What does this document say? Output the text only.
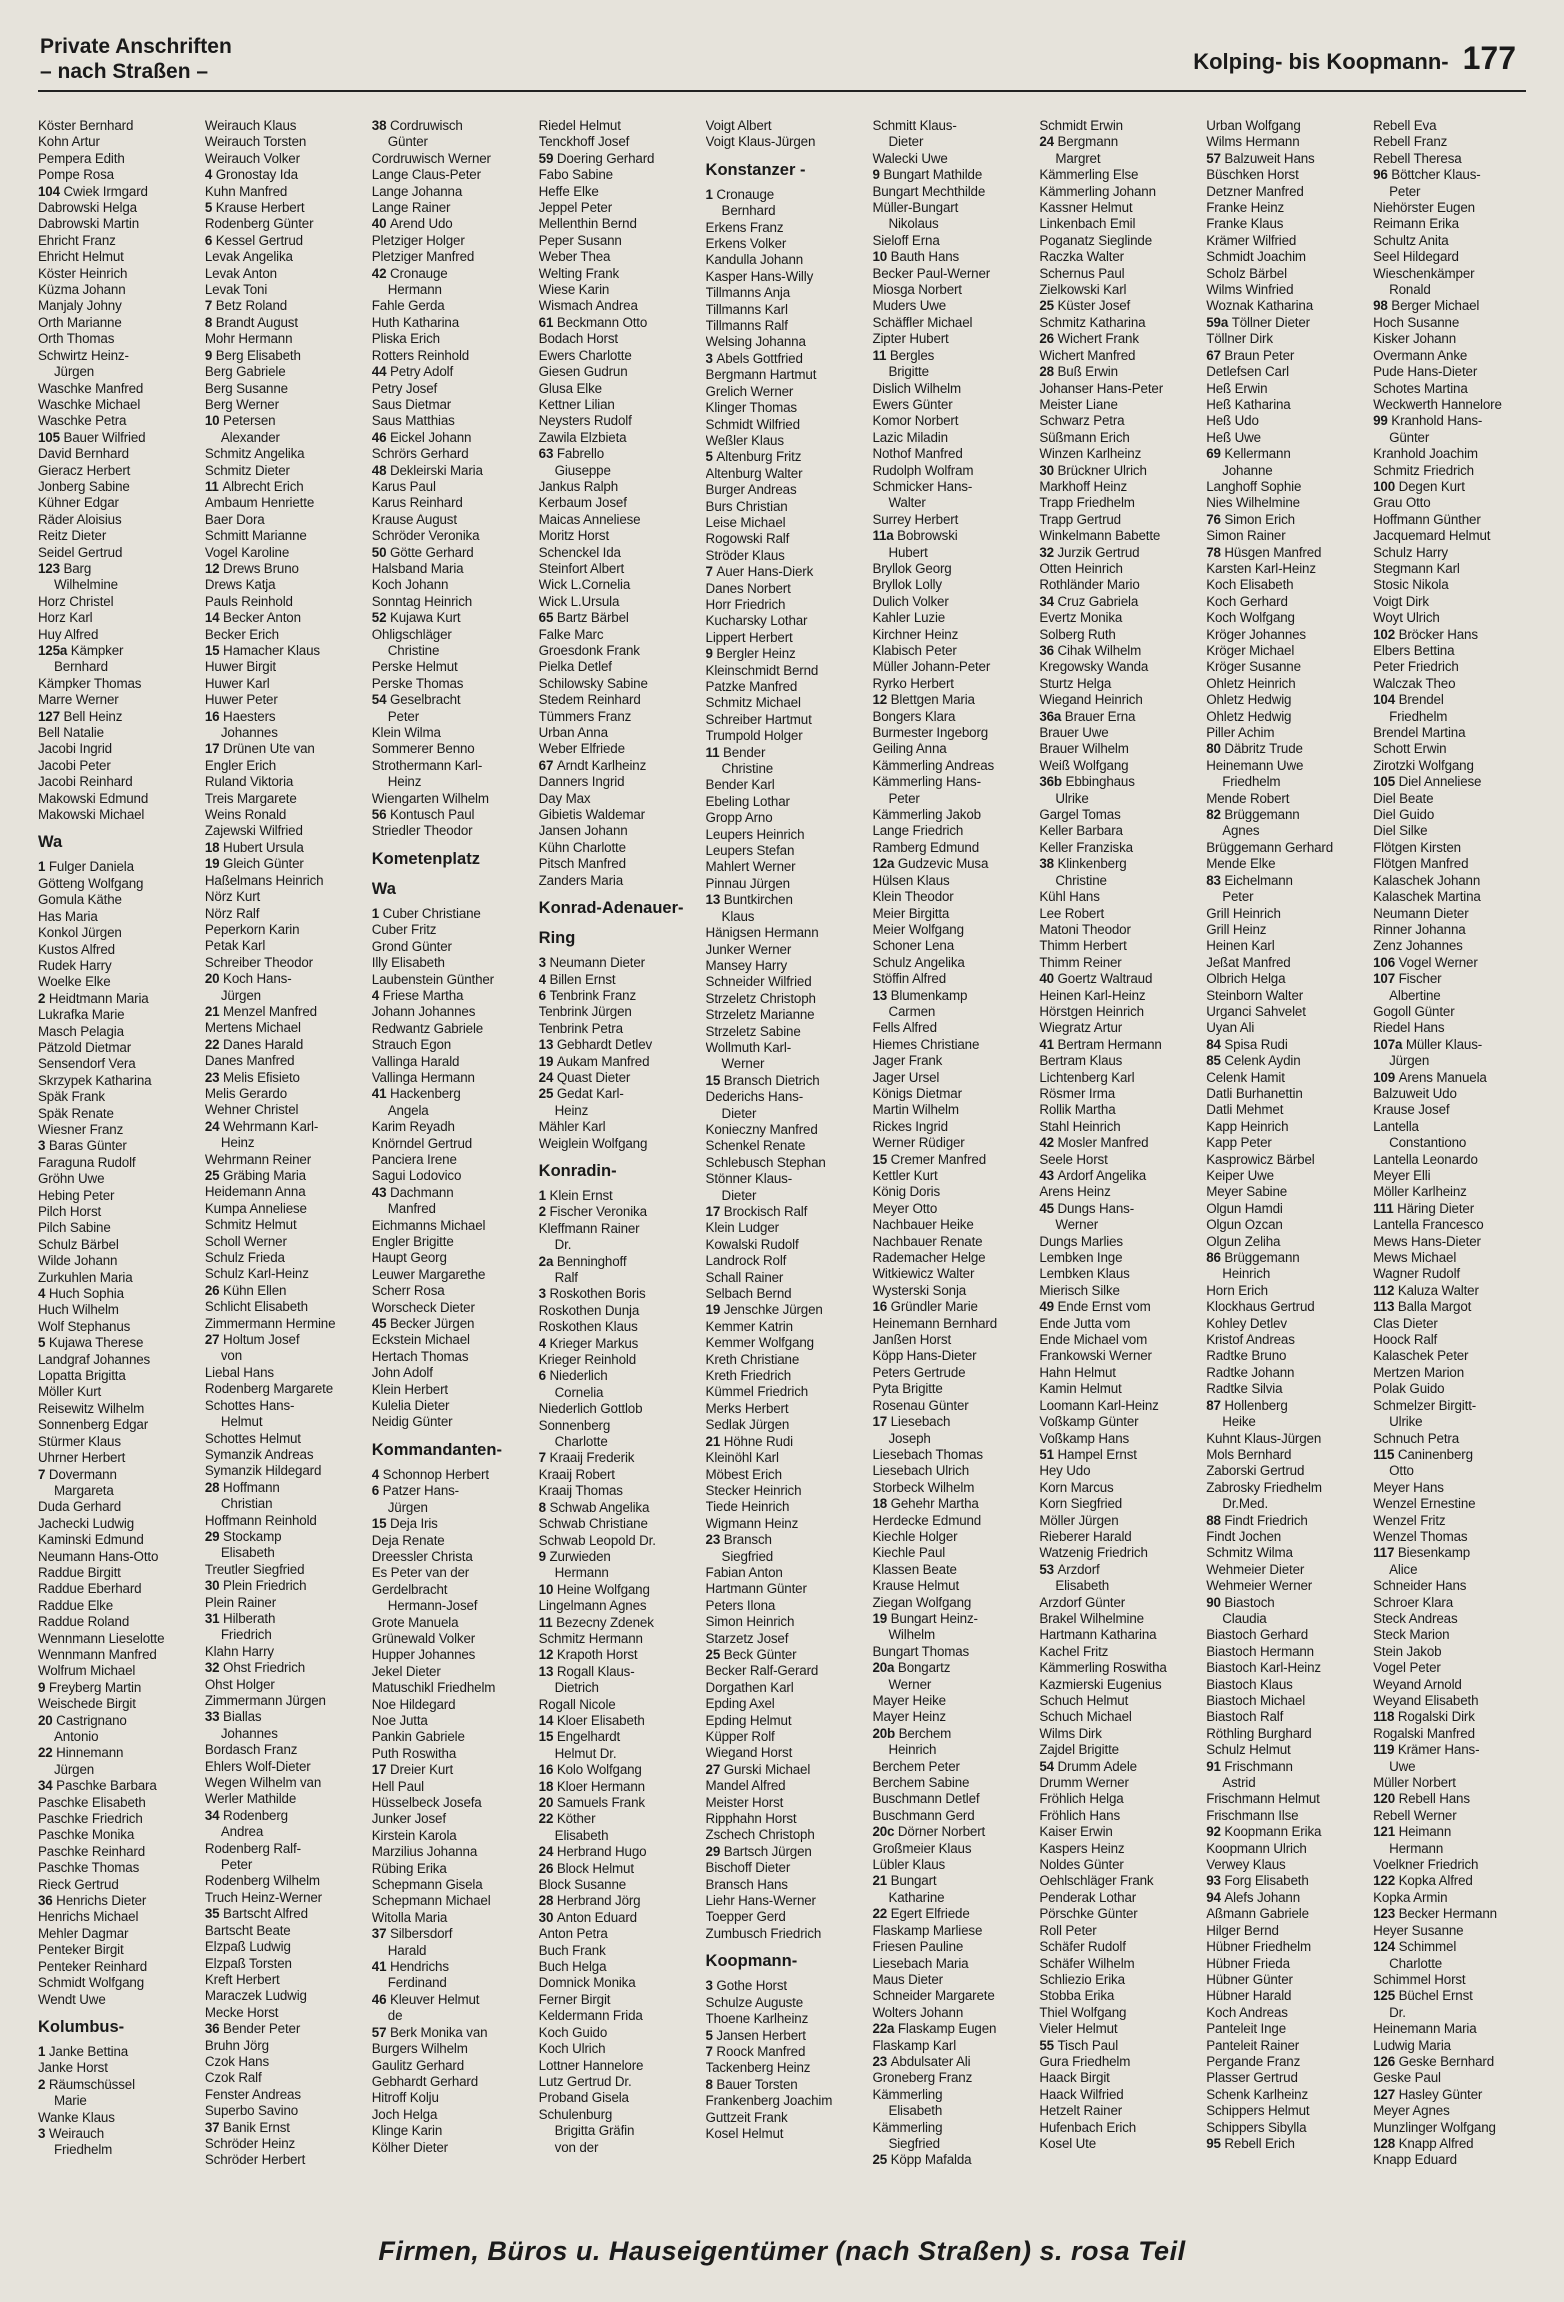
Private Anschriften
– nach Straßen –	Kolping- bis Koopmann- 177
Köster Bernhard
Kohn Artur
Pempera Edith
Pompe Rosa
104 Cwiek Irmgard
Dabrowski Helga
Dabrowski Martin
Ehricht Franz
Ehricht Helmut
Köster Heinrich
Küzma Johann
Manjaly Johny
Orth Marianne
Orth Thomas
Schwirtz Heinz-
Jürgen
Waschke Manfred
Waschke Michael
Waschke Petra
105 Bauer Wilfried
David Bernhard
Gieracz Herbert
Jonberg Sabine
Kühner Edgar
Räder Aloisius
Reitz Dieter
Seidel Gertrud
123 Barg
Wilhelmine
Horz Christel
Horz Karl
Huy Alfred
125a Kämpker
Bernhard
Kämpker Thomas
Marre Werner
127 Bell Heinz
Bell Natalie
Jacobi Ingrid
Jacobi Peter
Jacobi Reinhard
Makowski Edmund
Makowski Michael
Wa
1 Fulger Daniela
Götteng Wolfgang
Gomula Käthe
Has Maria
Konkol Jürgen
Kustos Alfred
Rudek Harry
Woelke Elke
2 Heidtmann Maria
Lukrafka Marie
Masch Pelagia
Pätzold Dietmar
Sensendorf Vera
Skrzypek Katharina
Späk Frank
Späk Renate
Wiesner Franz
3 Baras Günter
Faraguna Rudolf
Gröhn Uwe
Hebing Peter
Pilch Horst
Pilch Sabine
Schulz Bärbel
Wilde Johann
Zurkuhlen Maria
4 Huch Sophia
Huch Wilhelm
Wolf Stephanus
5 Kujawa Therese
Landgraf Johannes
Lopatta Brigitta
Möller Kurt
Reisewitz Wilhelm
Sonnenberg Edgar
Stürmer Klaus
Uhrner Herbert
7 Dovermann
Margareta
Duda Gerhard
Jachecki Ludwig
Kaminski Edmund
Neumann Hans-Otto
Raddue Birgitt
Raddue Eberhard
Raddue Elke
Raddue Roland
Wennmann Lieselotte
Wennmann Manfred
Wolfrum Michael
9 Freyberg Martin
Weischede Birgit
20 Castrignano
Antonio
22 Hinnemann
Jürgen
34 Paschke Barbara
Paschke Elisabeth
Paschke Friedrich
Paschke Monika
Paschke Reinhard
Paschke Thomas
Rieck Gertrud
36 Henrichs Dieter
Henrichs Michael
Mehler Dagmar
Penteker Birgit
Penteker Reinhard
Schmidt Wolfgang
Wendt Uwe
Kolumbus-
1 Janke Bettina
Janke Horst
2 Räumschüssel
Marie
Wanke Klaus
3 Weirauch
Friedhelm
Weirauch Klaus
Weirauch Torsten
Weirauch Volker
4 Gronostay Ida
Kuhn Manfred
5 Krause Herbert
Rodenberg Günter
6 Kessel Gertrud
Levak Angelika
Levak Anton
Levak Toni
7 Betz Roland
8 Brandt August
Mohr Hermann
9 Berg Elisabeth
Berg Gabriele
Berg Susanne
Berg Werner
10 Petersen
Alexander
Schmitz Angelika
Schmitz Dieter
11 Albrecht Erich
Ambaum Henriette
Baer Dora
Schmitt Marianne
Vogel Karoline
12 Drews Bruno
Drews Katja
Pauls Reinhold
14 Becker Anton
Becker Erich
15 Hamacher Klaus
Huwer Birgit
Huwer Karl
Huwer Peter
16 Haesters
Johannes
17 Drünen Ute van
Engler Erich
Ruland Viktoria
Treis Margarete
Weins Ronald
Zajewski Wilfried
18 Hubert Ursula
19 Gleich Günter
Haßelmans Heinrich
Nörz Kurt
Nörz Ralf
Peperkorn Karin
Petak Karl
Schreiber Theodor
20 Koch Hans-
Jürgen
21 Menzel Manfred
Mertens Michael
22 Danes Harald
Danes Manfred
23 Melis Efisieto
Melis Gerardo
Wehner Christel
24 Wehrmann Karl-
Heinz
Wehrmann Reiner
25 Gräbing Maria
Heidemann Anna
Kumpa Anneliese
Schmitz Helmut
Scholl Werner
Schulz Frieda
Schulz Karl-Heinz
26 Kühn Ellen
Schlicht Elisabeth
Zimmermann Hermine
27 Holtum Josef
von
Liebal Hans
Rodenberg Margarete
Schottes Hans-
Helmut
Schottes Helmut
Symanzik Andreas
Symanzik Hildegard
28 Hoffmann
Christian
Hoffmann Reinhold
29 Stockamp
Elisabeth
Treutler Siegfried
30 Plein Friedrich
Plein Rainer
31 Hilberath
Friedrich
Klahn Harry
32 Ohst Friedrich
Ohst Holger
Zimmermann Jürgen
33 Biallas
Johannes
Bordasch Franz
Ehlers Wolf-Dieter
Wegen Wilhelm van
Werler Mathilde
34 Rodenberg
Andrea
Rodenberg Ralf-
Peter
Rodenberg Wilhelm
Truch Heinz-Werner
35 Bartscht Alfred
Bartscht Beate
Elzpaß Ludwig
Elzpaß Torsten
Kreft Herbert
Maraczek Ludwig
Mecke Horst
36 Bender Peter
Bruhn Jörg
Czok Hans
Czok Ralf
Fenster Andreas
Superbo Savino
37 Banik Ernst
Schröder Heinz
Schröder Herbert
38 Cordruwisch
Günter
Cordruwisch Werner
Lange Claus-Peter
Lange Johanna
Lange Rainer
40 Arend Udo
Pletziger Holger
Pletziger Manfred
42 Cronauge
Hermann
Fahle Gerda
Huth Katharina
Pliska Erich
Rotters Reinhold
44 Petry Adolf
Petry Josef
Saus Dietmar
Saus Matthias
46 Eickel Johann
Schrörs Gerhard
48 Dekleirski Maria
Karus Paul
Karus Reinhard
Krause August
Schröder Veronika
50 Götte Gerhard
Halsband Maria
Koch Johann
Sonntag Heinrich
52 Kujawa Kurt
Ohligschläger
Christine
Perske Helmut
Perske Thomas
54 Geselbracht
Peter
Klein Wilma
Sommerer Benno
Strothermann Karl-
Heinz
Wiengarten Wilhelm
56 Kontusch Paul
Striedler Theodor
Kometenplatz
Wa
1 Cuber Christiane
Cuber Fritz
Grond Günter
Illy Elisabeth
Laubenstein Günther
4 Friese Martha
Johann Johannes
Redwantz Gabriele
Strauch Egon
Vallinga Harald
Vallinga Hermann
41 Hackenberg
Angela
Karim Reyadh
Knörndel Gertrud
Panciera Irene
Sagui Lodovico
43 Dachmann
Manfred
Eichmanns Michael
Engler Brigitte
Haupt Georg
Leuwer Margarethe
Scherr Rosa
Worscheck Dieter
45 Becker Jürgen
Eckstein Michael
Hertach Thomas
John Adolf
Klein Herbert
Kulelia Dieter
Neidig Günter
Kommandanten-
4 Schonnop Herbert
6 Patzer Hans-
Jürgen
15 Deja Iris
Deja Renate
Dreessler Christa
Es Peter van der
Gerdelbracht
Hermann-Josef
Grote Manuela
Grünewald Volker
Hupper Johannes
Jekel Dieter
Matuschikl Friedhelm
Noe Hildegard
Noe Jutta
Pankin Gabriele
Puth Roswitha
17 Dreier Kurt
Hell Paul
Hüsselbeck Josefa
Junker Josef
Kirstein Karola
Marzilius Johanna
Rübing Erika
Schepmann Gisela
Schepmann Michael
Witolla Maria
37 Silbersdorf
Harald
41 Hendrichs
Ferdinand
46 Kleuver Helmut
de
57 Berk Monika van
Burgers Wilhelm
Gaulitz Gerhard
Gebhardt Gerhard
Hitroff Kolju
Joch Helga
Klinge Karin
Kölher Dieter
Riedel Helmut
Tenckhoff Josef
59 Doering Gerhard
Fabo Sabine
Heffe Elke
Jeppel Peter
Mellenthin Bernd
Peper Susann
Weber Thea
Welting Frank
Wiese Karin
Wismach Andrea
61 Beckmann Otto
Bodach Horst
Ewers Charlotte
Giesen Gudrun
Glusa Elke
Kettner Lilian
Neysters Rudolf
Zawila Elzbieta
63 Fabrello
Giuseppe
Jankus Ralph
Kerbaum Josef
Maicas Anneliese
Moritz Horst
Schenckel Ida
Steinfort Albert
Wick L.Cornelia
Wick L.Ursula
65 Bartz Bärbel
Falke Marc
Groesdonk Frank
Pielka Detlef
Schilowsky Sabine
Stedem Reinhard
Tümmers Franz
Urban Anna
Weber Elfriede
67 Arndt Karlheinz
Danners Ingrid
Day Max
Gibietis Waldemar
Jansen Johann
Kühn Charlotte
Pitsch Manfred
Zanders Maria
Konrad-Adenauer-
Ring
3 Neumann Dieter
4 Billen Ernst
6 Tenbrink Franz
Tenbrink Jürgen
Tenbrink Petra
13 Gebhardt Detlev
19 Aukam Manfred
24 Quast Dieter
25 Gedat Karl-
Heinz
Mähler Karl
Weiglein Wolfgang
Konradin-
1 Klein Ernst
2 Fischer Veronika
Kleffmann Rainer
Dr.
2a Benninghoff
Ralf
3 Roskothen Boris
Roskothen Dunja
Roskothen Klaus
4 Krieger Markus
Krieger Reinhold
6 Niederlich
Cornelia
Niederlich Gottlob
Sonnenberg
Charlotte
7 Kraaij Frederik
Kraaij Robert
Kraaij Thomas
8 Schwab Angelika
Schwab Christiane
Schwab Leopold Dr.
9 Zurwieden
Hermann
10 Heine Wolfgang
Lingelmann Agnes
11 Bezecny Zdenek
Schmitz Hermann
12 Krapoth Horst
13 Rogall Klaus-
Dietrich
Rogall Nicole
14 Kloer Elisabeth
15 Engelhardt
Helmut Dr.
16 Kolo Wolfgang
18 Kloer Hermann
20 Samuels Frank
22 Köther
Elisabeth
24 Herbrand Hugo
26 Block Helmut
Block Susanne
28 Herbrand Jörg
30 Anton Eduard
Anton Petra
Buch Frank
Buch Helga
Domnick Monika
Ferner Birgit
Keldermann Frida
Koch Guido
Koch Ulrich
Lottner Hannelore
Lutz Gertrud Dr.
Proband Gisela
Schulenburg
Brigitta Gräfin
von der
Voigt Albert
Voigt Klaus-Jürgen
Konstanzer -
1 Cronauge
Bernhard
Erkens Franz
Erkens Volker
Kandulla Johann
Kasper Hans-Willy
Tillmanns Anja
Tillmanns Karl
Tillmanns Ralf
Welsing Johanna
3 Abels Gottfried
Bergmann Hartmut
Grelich Werner
Klinger Thomas
Schmidt Wilfried
Weßler Klaus
5 Altenburg Fritz
Altenburg Walter
Burger Andreas
Burs Christian
Leise Michael
Rogowski Ralf
Ströder Klaus
7 Auer Hans-Dierk
Danes Norbert
Horr Friedrich
Kucharsky Lothar
Lippert Herbert
9 Bergler Heinz
Kleinschmidt Bernd
Patzke Manfred
Schmitz Michael
Schreiber Hartmut
Trumpold Holger
11 Bender
Christine
Bender Karl
Ebeling Lothar
Gropp Arno
Leupers Heinrich
Leupers Stefan
Mahlert Werner
Pinnau Jürgen
13 Buntkirchen
Klaus
Hänigsen Hermann
Junker Werner
Mansey Harry
Schneider Wilfried
Strzeletz Christoph
Strzeletz Marianne
Strzeletz Sabine
Wollmuth Karl-
Werner
15 Bransch Dietrich
Dederichs Hans-
Dieter
Konieczny Manfred
Schenkel Renate
Schlebusch Stephan
Stönner Klaus-
Dieter
17 Brockisch Ralf
Klein Ludger
Kowalski Rudolf
Landrock Rolf
Schall Rainer
Selbach Bernd
19 Jenschke Jürgen
Kemmer Katrin
Kemmer Wolfgang
Kreth Christiane
Kreth Friedrich
Kümmel Friedrich
Merks Herbert
Sedlak Jürgen
21 Höhne Rudi
Kleinöhl Karl
Möbest Erich
Stecker Heinrich
Tiede Heinrich
Wigmann Heinz
23 Bransch
Siegfried
Fabian Anton
Hartmann Günter
Peters Ilona
Simon Heinrich
Starzetz Josef
25 Beck Günter
Becker Ralf-Gerard
Dorgathen Karl
Epding Axel
Epding Helmut
Küpper Rolf
Wiegand Horst
27 Gurski Michael
Mandel Alfred
Meister Horst
Ripphahn Horst
Zschech Christoph
29 Bartsch Jürgen
Bischoff Dieter
Bransch Hans
Liehr Hans-Werner
Toepper Gerd
Zumbusch Friedrich
Koopmann-
3 Gothe Horst
Schulze Auguste
Thoene Karlheinz
5 Jansen Herbert
7 Roock Manfred
Tackenberg Heinz
8 Bauer Torsten
Frankenberg Joachim
Guttzeit Frank
Kosel Helmut
Schmitt Klaus-
Dieter
Walecki Uwe
9 Bungart Mathilde
Bungart Mechthilde
Müller-Bungart
Nikolaus
Sieloff Erna
10 Bauth Hans
Becker Paul-Werner
Miosga Norbert
Muders Uwe
Schäffler Michael
Zipter Hubert
11 Bergles
Brigitte
Dislich Wilhelm
Ewers Günter
Komor Norbert
Lazic Miladin
Nothof Manfred
Rudolph Wolfram
Schmicker Hans-
Walter
Surrey Herbert
11a Bobrowski
Hubert
Bryllok Georg
Bryllok Lolly
Dulich Volker
Kahler Luzie
Kirchner Heinz
Klabisch Peter
Müller Johann-Peter
Ryrko Herbert
12 Blettgen Maria
Bongers Klara
Burmester Ingeborg
Geiling Anna
Kämmerling Andreas
Kämmerling Hans-
Peter
Kämmerling Jakob
Lange Friedrich
Ramberg Edmund
12a Gudzevic Musa
Hülsen Klaus
Klein Theodor
Meier Birgitta
Meier Wolfgang
Schoner Lena
Schulz Angelika
Stöffin Alfred
13 Blumenkamp
Carmen
Fells Alfred
Hiemes Christiane
Jager Frank
Jager Ursel
Königs Dietmar
Martin Wilhelm
Rickes Ingrid
Werner Rüdiger
15 Cremer Manfred
Kettler Kurt
König Doris
Meyer Otto
Nachbauer Heike
Nachbauer Renate
Rademacher Helge
Witkiewicz Walter
Wysterski Sonja
16 Gründler Marie
Heinemann Bernhard
Janßen Horst
Köpp Hans-Dieter
Peters Gertrude
Pyta Brigitte
Rosenau Günter
17 Liesebach
Joseph
Liesebach Thomas
Liesebach Ulrich
Storbeck Wilhelm
18 Gehehr Martha
Herdecke Edmund
Kiechle Holger
Kiechle Paul
Klassen Beate
Krause Helmut
Ziegan Wolfgang
19 Bungart Heinz-
Wilhelm
Bungart Thomas
20a Bongartz
Werner
Mayer Heike
Mayer Heinz
20b Berchem
Heinrich
Berchem Peter
Berchem Sabine
Buschmann Detlef
Buschmann Gerd
20c Dörner Norbert
Großmeier Klaus
Lübler Klaus
21 Bungart
Katharine
22 Egert Elfriede
Flaskamp Marliese
Friesen Pauline
Liesebach Maria
Maus Dieter
Schneider Margarete
Wolters Johann
22a Flaskamp Eugen
Flaskamp Karl
23 Abdulsater Ali
Groneberg Franz
Kämmerling
Elisabeth
Kämmerling
Siegfried
25 Köpp Mafalda
Schmidt Erwin
24 Bergmann
Margret
Kämmerling Else
Kämmerling Johann
Kassner Helmut
Linkenbach Emil
Poganatz Sieglinde
Raczka Walter
Schernus Paul
Zielkowski Karl
25 Küster Josef
Schmitz Katharina
26 Wichert Frank
Wichert Manfred
28 Buß Erwin
Johanser Hans-Peter
Meister Liane
Schwarz Petra
Süßmann Erich
Winzen Karlheinz
30 Brückner Ulrich
Markhoff Heinz
Trapp Friedhelm
Trapp Gertrud
Winkelmann Babette
32 Jurzik Gertrud
Otten Heinrich
Rothländer Mario
34 Cruz Gabriela
Evertz Monika
Solberg Ruth
36 Cihak Wilhelm
Kregowsky Wanda
Sturtz Helga
Wiegand Heinrich
36a Brauer Erna
Brauer Uwe
Brauer Wilhelm
Weiß Wolfgang
36b Ebbinghaus
Ulrike
Gargel Tomas
Keller Barbara
Keller Franziska
38 Klinkenberg
Christine
Kühl Hans
Lee Robert
Matoni Theodor
Thimm Herbert
Thimm Reiner
40 Goertz Waltraud
Heinen Karl-Heinz
Hörstgen Heinrich
Wiegratz Artur
41 Bertram Hermann
Bertram Klaus
Lichtenberg Karl
Rösmer Irma
Rollik Martha
Stahl Heinrich
42 Mosler Manfred
Seele Horst
43 Ardorf Angelika
Arens Heinz
45 Dungs Hans-
Werner
Dungs Marlies
Lembken Inge
Lembken Klaus
Mierisch Silke
49 Ende Ernst vom
Ende Jutta vom
Ende Michael vom
Frankowski Werner
Hahn Helmut
Kamin Helmut
Loomann Karl-Heinz
Voßkamp Günter
Voßkamp Hans
51 Hampel Ernst
Hey Udo
Korn Marcus
Korn Siegfried
Möller Jürgen
Rieberer Harald
Watzenig Friedrich
53 Arzdorf
Elisabeth
Arzdorf Günter
Brakel Wilhelmine
Hartmann Katharina
Kachel Fritz
Kämmerling Roswitha
Kazmierski Eugenius
Schuch Helmut
Schuch Michael
Wilms Dirk
Zajdel Brigitte
54 Drumm Adele
Drumm Werner
Fröhlich Helga
Fröhlich Hans
Kaiser Erwin
Kaspers Heinz
Noldes Günter
Oehlschläger Frank
Penderak Lothar
Pörschke Günter
Roll Peter
Schäfer Rudolf
Schäfer Wilhelm
Schliezio Erika
Stobba Erika
Thiel Wolfgang
Vieler Helmut
55 Tisch Paul
Gura Friedhelm
Haack Birgit
Haack Wilfried
Hetzelt Rainer
Hufenbach Erich
Kosel Ute
Urban Wolfgang
Wilms Hermann
57 Balzuweit Hans
Büschken Horst
Detzner Manfred
Franke Heinz
Franke Klaus
Krämer Wilfried
Schmidt Joachim
Scholz Bärbel
Wilms Winfried
Woznak Katharina
59a Töllner Dieter
Töllner Dirk
67 Braun Peter
Detlefsen Carl
Heß Erwin
Heß Katharina
Heß Udo
Heß Uwe
69 Kellermann
Johanne
Langhoff Sophie
Nies Wilhelmine
76 Simon Erich
Simon Rainer
78 Hüsgen Manfred
Karsten Karl-Heinz
Koch Elisabeth
Koch Gerhard
Koch Wolfgang
Kröger Johannes
Kröger Michael
Kröger Susanne
Ohletz Heinrich
Ohletz Hedwig
Ohletz Hedwig
Piller Achim
80 Däbritz Trude
Heinemann Uwe
Friedhelm
Mende Robert
82 Brüggemann
Agnes
Brüggemann Gerhard
Mende Elke
83 Eichelmann
Peter
Grill Heinrich
Grill Heinz
Heinen Karl
Jeßat Manfred
Olbrich Helga
Steinborn Walter
Urganci Sahvelet
Uyan Ali
84 Spisa Rudi
85 Celenk Aydin
Celenk Hamit
Datli Burhanettin
Datli Mehmet
Kapp Heinrich
Kapp Peter
Kasprowicz Bärbel
Keiper Uwe
Meyer Sabine
Olgun Hamdi
Olgun Ozcan
Olgun Zeliha
86 Brüggemann
Heinrich
Horn Erich
Klockhaus Gertrud
Kohley Detlev
Kristof Andreas
Radtke Bruno
Radtke Johann
Radtke Silvia
87 Hollenberg
Heike
Kuhnt Klaus-Jürgen
Mols Bernhard
Zaborski Gertrud
Zabrosky Friedhelm
Dr.Med.
88 Findt Friedrich
Findt Jochen
Schmitz Wilma
Wehmeier Dieter
Wehmeier Werner
90 Biastoch
Claudia
Biastoch Gerhard
Biastoch Hermann
Biastoch Karl-Heinz
Biastoch Klaus
Biastoch Michael
Biastoch Ralf
Röthling Burghard
Schulz Helmut
91 Frischmann
Astrid
Frischmann Helmut
Frischmann Ilse
92 Koopmann Erika
Koopmann Ulrich
Verwey Klaus
93 Forg Elisabeth
94 Alefs Johann
Aßmann Gabriele
Hilger Bernd
Hübner Friedhelm
Hübner Frieda
Hübner Günter
Hübner Harald
Koch Andreas
Panteleit Inge
Panteleit Rainer
Pergande Franz
Plasser Gertrud
Schenk Karlheinz
Schippers Helmut
Schippers Sibylla
95 Rebell Erich
Rebell Eva
Rebell Franz
Rebell Theresa
96 Böttcher Klaus-
Peter
Niehörster Eugen
Reimann Erika
Schultz Anita
Seel Hildegard
Wieschenkämper
Ronald
98 Berger Michael
Hoch Susanne
Kisker Johann
Overmann Anke
Pude Hans-Dieter
Schotes Martina
Weckwerth Hannelore
99 Kranhold Hans-
Günter
Kranhold Joachim
Schmitz Friedrich
100 Degen Kurt
Grau Otto
Hoffmann Günther
Jacquemard Helmut
Schulz Harry
Stegmann Karl
Stosic Nikola
Voigt Dirk
Woyt Ulrich
102 Bröcker Hans
Elbers Bettina
Peter Friedrich
Walczak Theo
104 Brendel
Friedhelm
Brendel Martina
Schott Erwin
Zirotzki Wolfgang
105 Diel Anneliese
Diel Beate
Diel Guido
Diel Silke
Flötgen Kirsten
Flötgen Manfred
Kalaschek Johann
Kalaschek Martina
Neumann Dieter
Rinner Johanna
Zenz Johannes
106 Vogel Werner
107 Fischer
Albertine
Gogoll Günter
Riedel Hans
107a Müller Klaus-
Jürgen
109 Arens Manuela
Balzuweit Udo
Krause Josef
Lantella
Constantiono
Lantella Leonardo
Meyer Elli
Möller Karlheinz
111 Häring Dieter
Lantella Francesco
Mews Hans-Dieter
Mews Michael
Wagner Rudolf
112 Kaluza Walter
113 Balla Margot
Clas Dieter
Hoock Ralf
Kalaschek Peter
Mertzen Marion
Polak Guido
Schmelzer Birgitt-
Ulrike
Schnuch Petra
115 Caninenberg
Otto
Meyer Hans
Wenzel Ernestine
Wenzel Fritz
Wenzel Thomas
117 Biesenkamp
Alice
Schneider Hans
Schroer Klara
Steck Andreas
Steck Marion
Stein Jakob
Vogel Peter
Weyand Arnold
Weyand Elisabeth
118 Rogalski Dirk
Rogalski Manfred
119 Krämer Hans-
Uwe
Müller Norbert
120 Rebell Hans
Rebell Werner
121 Heimann
Hermann
Voelkner Friedrich
122 Kopka Alfred
Kopka Armin
123 Becker Hermann
Heyer Susanne
124 Schimmel
Charlotte
Schimmel Horst
125 Büchel Ernst
Dr.
Heinemann Maria
Ludwig Maria
126 Geske Bernhard
Geske Paul
127 Hasley Günter
Meyer Agnes
Munzlinger Wolfgang
128 Knapp Alfred
Knapp Eduard
Firmen, Büros u. Hauseigentümer (nach Straßen) s. rosa Teil
